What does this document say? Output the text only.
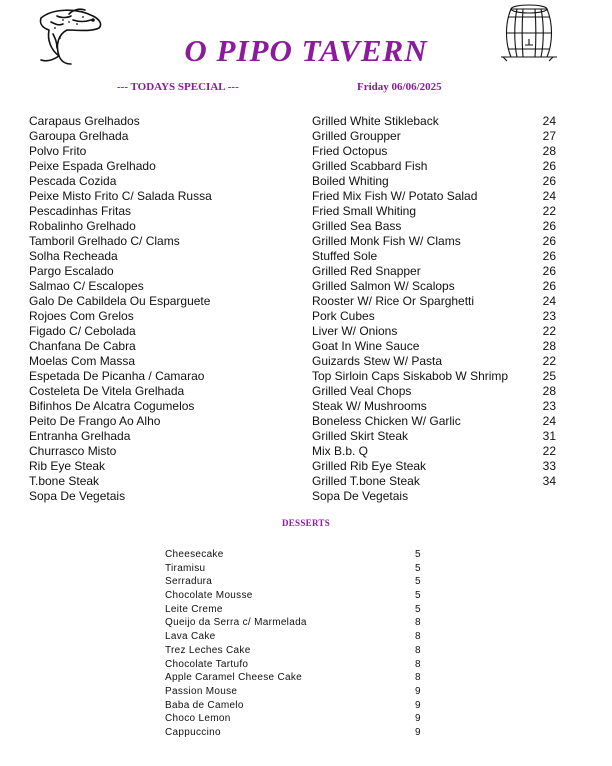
O PIPO TAVERN
--- TODAYS SPECIAL ---	Friday 06/06/2025
Carapaus Grelhados	Grilled White Stikleback	24
Garoupa Grelhada	Grilled Groupper	27
Polvo Frito	Fried Octopus	28
Peixe Espada Grelhado	Grilled Scabbard Fish	26
Pescada Cozida	Boiled Whiting	26
Peixe Misto Frito C/ Salada Russa	Fried Mix Fish W/ Potato Salad	24
Pescadinhas Fritas	Fried Small Whiting	22
Robalinho Grelhado	Grilled Sea Bass	26
Tamboril Grelhado C/ Clams	Grilled Monk Fish W/ Clams	26
Solha Recheada	Stuffed Sole	26
Pargo Escalado	Grilled Red Snapper	26
Salmao C/ Escalopes	Grilled Salmon W/ Scalops	26
Galo De Cabildela Ou Esparguete	Rooster W/ Rice Or Sparghetti	24
Rojoes Com Grelos	Pork Cubes	23
Figado C/ Cebolada	Liver W/ Onions	22
Chanfana De Cabra	Goat In Wine Sauce	28
Moelas Com Massa	Guizards Stew W/ Pasta	22
Espetada De Picanha / Camarao	Top Sirloin Caps Siskabob W Shrimp	25
Costeleta De Vitela Grelhada	Grilled Veal Chops	28
Bifinhos De Alcatra Cogumelos	Steak W/ Mushrooms	23
Peito De Frango Ao Alho	Boneless Chicken W/ Garlic	24
Entranha Grelhada	Grilled Skirt Steak	31
Churrasco Misto	Mix B.b. Q	22
Rib Eye Steak	Grilled Rib Eye Steak	33
T.bone Steak	Grilled T.bone Steak	34
Sopa De Vegetais	Sopa De Vegetais
DESSERTS
Cheesecake	5
Tiramisu	5
Serradura	5
Chocolate Mousse	5
Leite Creme	5
Queijo da Serra c/ Marmelada	8
Lava Cake	8
Trez Leches Cake	8
Chocolate Tartufo	8
Apple Caramel Cheese Cake	8
Passion Mouse	9
Baba de Camelo	9
Choco Lemon	9
Cappuccino	9
